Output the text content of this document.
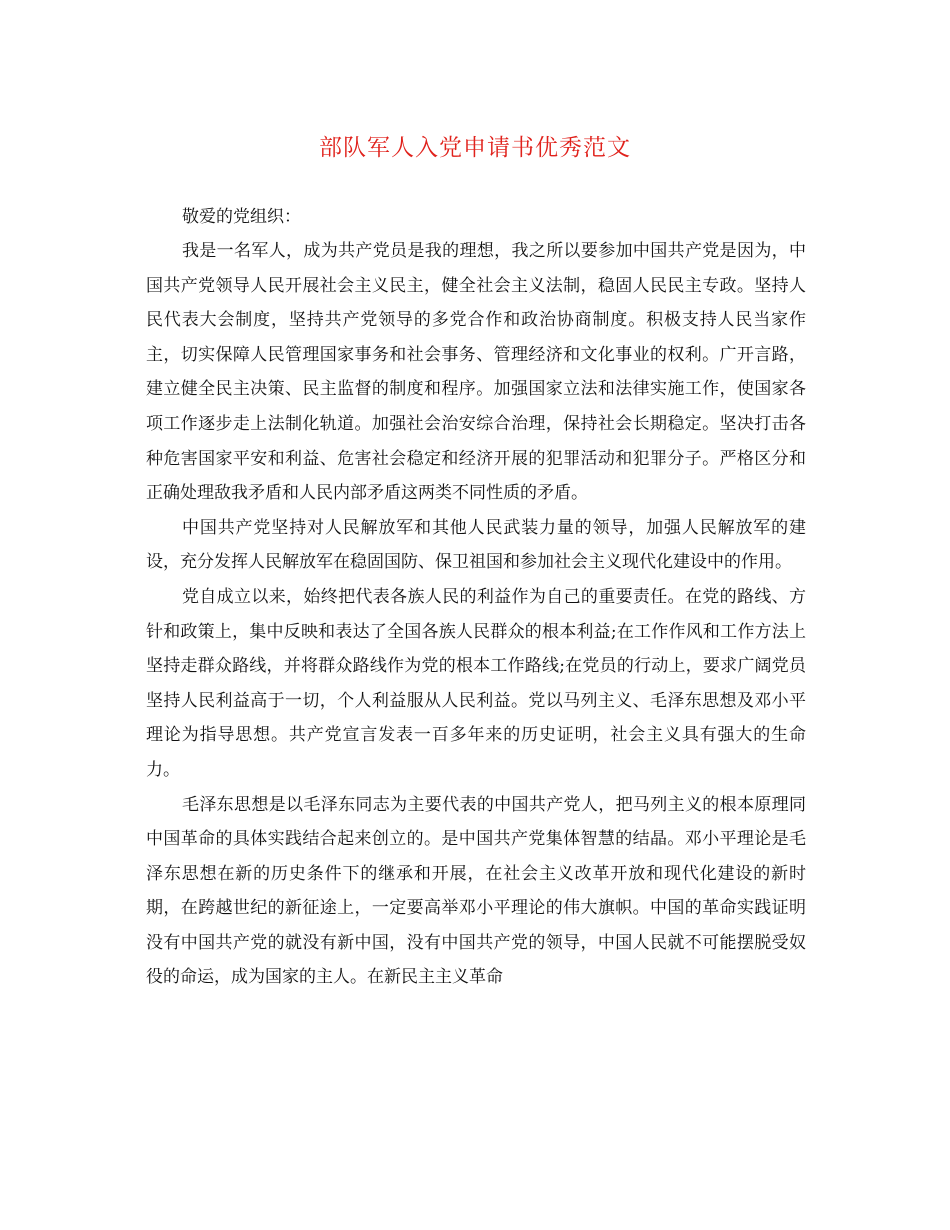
部队军人入党申请书优秀范文

敬爱的党组织：

我是一名军人，成为共产党员是我的理想，我之所以要参加中国共产党是因为，中国共产党领导人民开展社会主义民主，健全社会主义法制，稳固人民民主专政。坚持人民代表大会制度，坚持共产党领导的多党合作和政治协商制度。积极支持人民当家作主，切实保障人民管理国家事务和社会事务、管理经济和文化事业的权利。广开言路，建立健全民主决策、民主监督的制度和程序。加强国家立法和法律实施工作，使国家各项工作逐步走上法制化轨道。加强社会治安综合治理，保持社会长期稳定。坚决打击各种危害国家平安和利益、危害社会稳定和经济开展的犯罪活动和犯罪分子。严格区分和正确处理敌我矛盾和人民内部矛盾这两类不同性质的矛盾。

中国共产党坚持对人民解放军和其他人民武装力量的领导，加强人民解放军的建设，充分发挥人民解放军在稳固国防、保卫祖国和参加社会主义现代化建设中的作用。

党自成立以来，始终把代表各族人民的利益作为自己的重要责任。在党的路线、方针和政策上，集中反映和表达了全国各族人民群众的根本利益;在工作作风和工作方法上坚持走群众路线，并将群众路线作为党的根本工作路线;在党员的行动上，要求广阔党员坚持人民利益高于一切，个人利益服从人民利益。党以马列主义、毛泽东思想及邓小平理论为指导思想。共产党宣言发表一百多年来的历史证明，社会主义具有强大的生命力。

毛泽东思想是以毛泽东同志为主要代表的中国共产党人，把马列主义的根本原理同中国革命的具体实践结合起来创立的。是中国共产党集体智慧的结晶。邓小平理论是毛泽东思想在新的历史条件下的继承和开展，在社会主义改革开放和现代化建设的新时期，在跨越世纪的新征途上，一定要高举邓小平理论的伟大旗帜。中国的革命实践证明没有中国共产党的就没有新中国，没有中国共产党的领导，中国人民就不可能摆脱受奴役的命运，成为国家的主人。在新民主主义革命
